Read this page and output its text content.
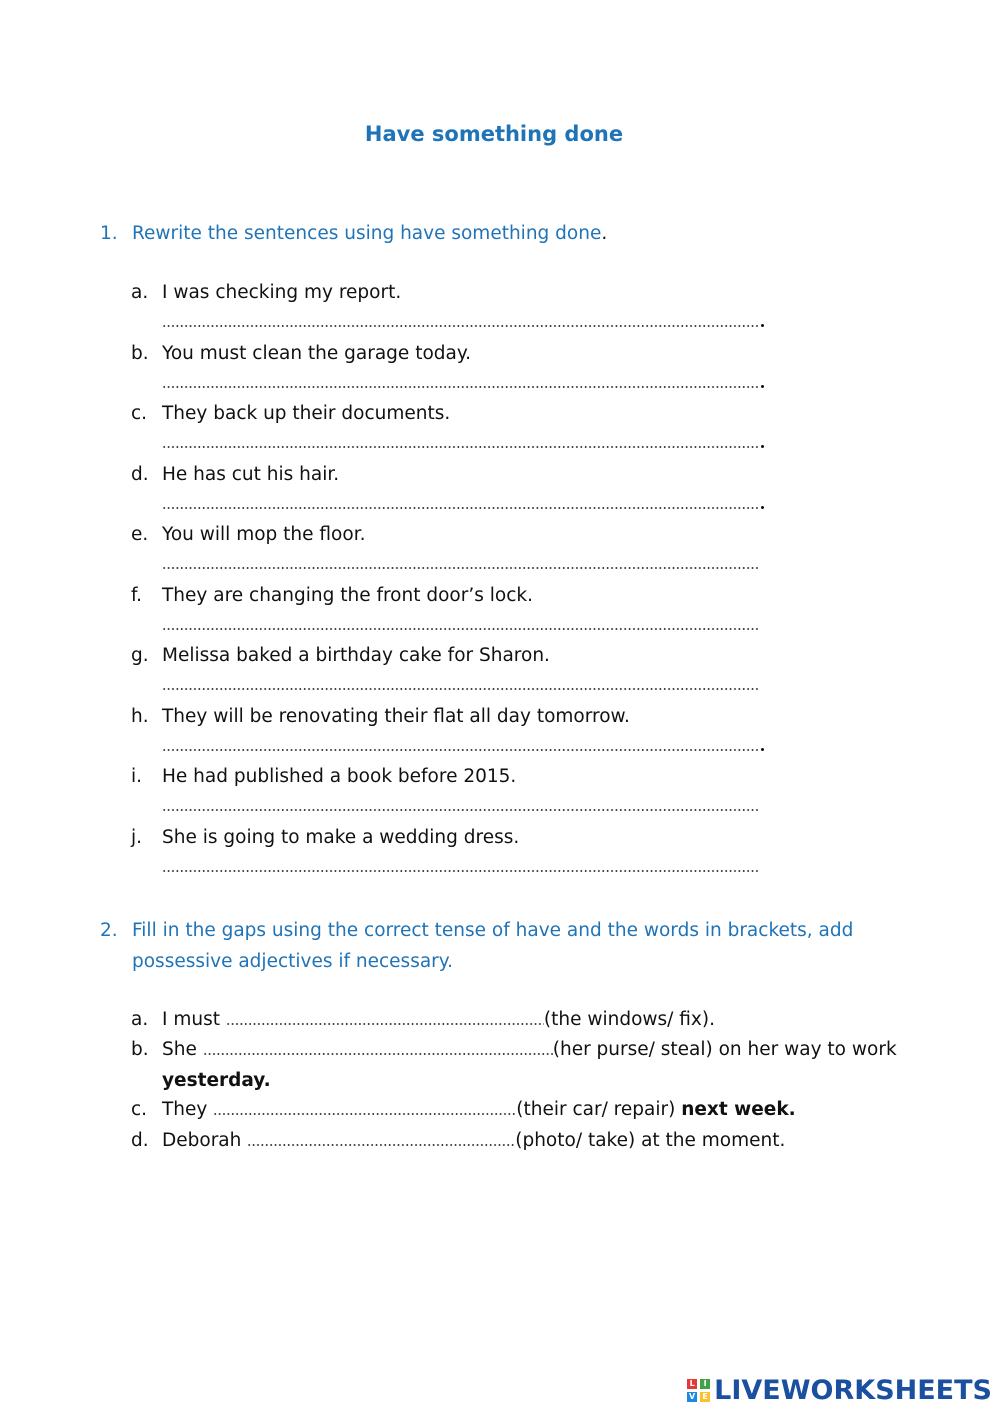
Have something done
1. Rewrite the sentences using have something done.
a. I was checking my report.
b. You must clean the garage today.
c. They back up their documents.
d. He has cut his hair.
e. You will mop the floor.
f. They are changing the front door’s lock.
g. Melissa baked a birthday cake for Sharon.
h. They will be renovating their flat all day tomorrow.
i. He had published a book before 2015.
j. She is going to make a wedding dress.
2. Fill in the gaps using the correct tense of have and the words in brackets, add
possessive adjectives if necessary.
a. I must	(the windows/ fix).
b. She	(her purse/ steal) on her way to work
yesterday.
c. They	(their car/ repair) next week.
d. Deborah	(photo/ take) at the moment.
L	I
V E LIVEWORKSHEETS
